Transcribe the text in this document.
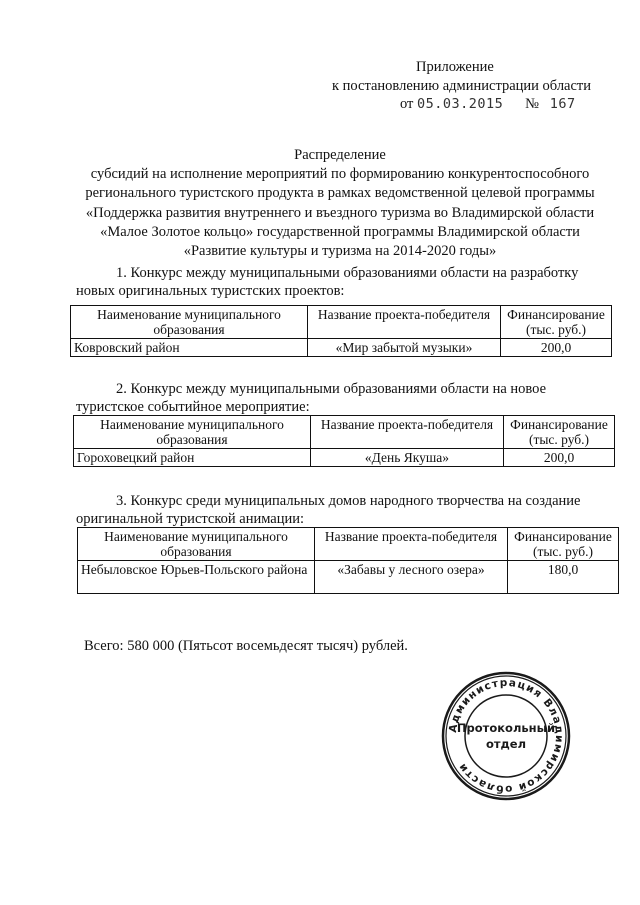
Приложение
к постановлению администрации области
от 05.03.2015 № 167
Распределение
субсидий на исполнение мероприятий по формированию конкурентоспособного
регионального туристского продукта в рамках ведомственной целевой программы
«Поддержка развития внутреннего и въездного туризма во Владимирской области
«Малое Золотое кольцо» государственной программы Владимирской области
«Развитие культуры и туризма на 2014-2020 годы»
1. Конкурс между муниципальными образованиями области на разработку
новых оригинальных туристских проектов:
Наименование муниципального образования	Название проекта-победителя	Финансирование (тыс. руб.)
Ковровский район	«Мир забытой музыки»	200,0
2. Конкурс между муниципальными образованиями области на новое
туристское событийное мероприятие:
Наименование муниципального образования	Название проекта-победителя	Финансирование (тыс. руб.)
Гороховецкий район	«День Якуша»	200,0
3. Конкурс среди муниципальных домов народного творчества на создание
оригинальной туристской анимации:
Наименование муниципального образования	Название проекта-победителя	Финансирование (тыс. руб.)
Небыловское Юрьев-Польского района	«Забавы у лесного озера»	180,0
Всего: 580 000 (Пятьсот восемьдесят тысяч) рублей.
Администрация Владимирской области
Протокольный
отдел
